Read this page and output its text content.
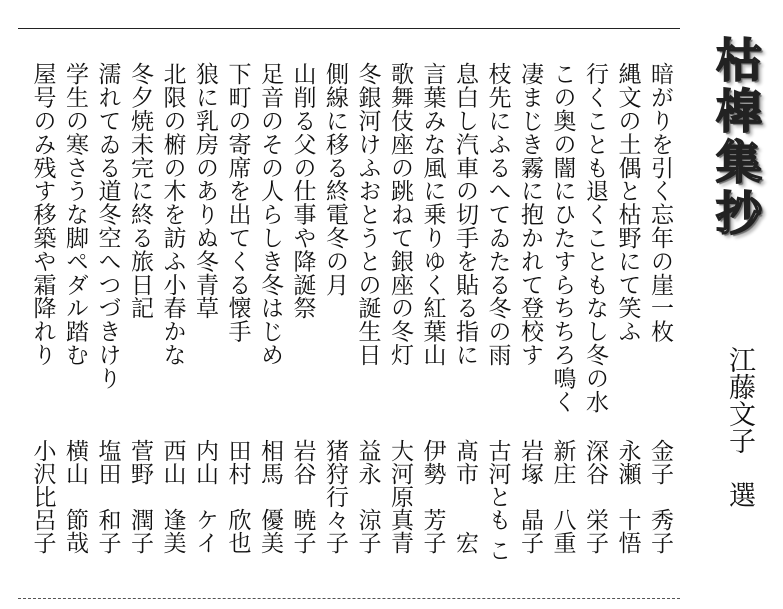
枯槹集抄
江藤文子　選
暗がりを引く忘年の崖一枚
金子　秀子
縄文の土偶と枯野にて笑ふ
永瀬　十悟
行くことも退くこともなし冬の水
深谷　栄子
この奥の闇にひたすらちちろ鳴く
新庄　八重
凄まじき霧に抱かれて登校す
岩塚　晶子
枝先にふるへてゐたる冬の雨
古河とも こ
息白し汽車の切手を貼る指に
髙市　　宏
言葉みな風に乗りゆく紅葉山
伊勢　芳子
歌舞伎座の跳ねて銀座の冬灯
大河原真青
冬銀河けふおとうとの誕生日
益永　涼子
側線に移る終電冬の月
猪狩行々子
山削る父の仕事や降誕祭
岩谷　暁子
足音のその人らしき冬はじめ
相馬　優美
下町の寄席を出てくる懐手
田村　欣也
狼に乳房のありぬ冬青草
内山　ケイ
北限の椨の木を訪ふ小春かな
西山　逢美
冬夕焼未完に終る旅日記
菅野　潤子
濡れてゐる道冬空へつづきけり
塩田　和子
学生の寒さうな脚ペダル踏む
横山　節哉
屋号のみ残す移築や霜降れり
小沢比呂子
